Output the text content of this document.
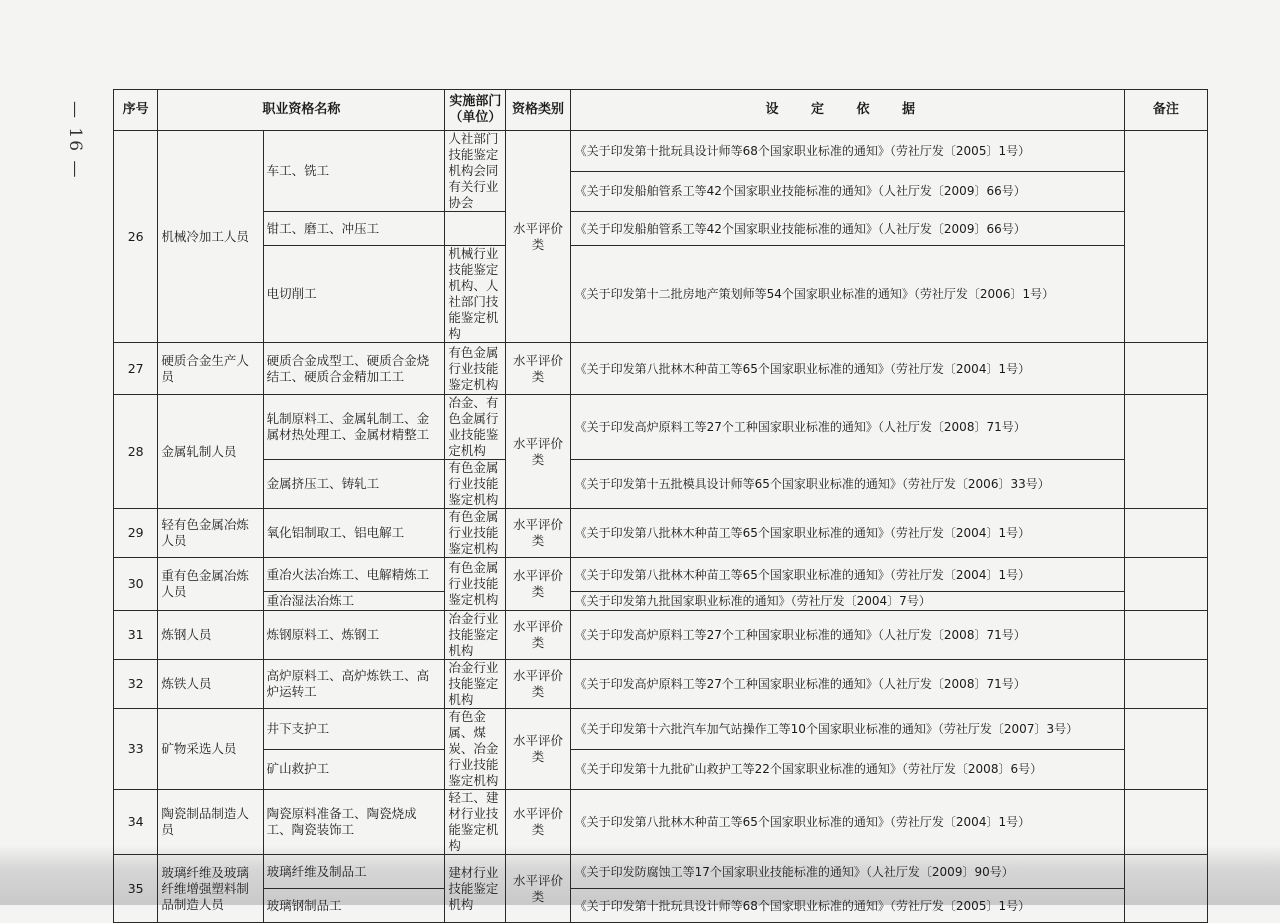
— 16 —	序号	职业资格名称		实施部门（单位）	资格类别	设 定 依 据	备注
26	机械冷加工人员	车工、铣工	人社部门技能鉴定机构会同有关行业协会	水平评价类	《关于印发第十批玩具设计师等68个国家职业标准的通知》（劳社厅发〔2005〕1号）	
					《关于印发船舶管系工等42个国家职业技能标准的通知》（人社厅发〔2009〕66号）	
		钳工、磨工、冲压工			《关于印发船舶管系工等42个国家职业技能标准的通知》（人社厅发〔2009〕66号）	
		电切削工	机械行业技能鉴定机构、人社部门技能鉴定机构		《关于印发第十二批房地产策划师等54个国家职业标准的通知》（劳社厅发〔2006〕1号）	
27	硬质合金生产人员	硬质合金成型工、硬质合金烧结工、硬质合金精加工工	有色金属行业技能鉴定机构	水平评价类	《关于印发第八批林木种苗工等65个国家职业标准的通知》（劳社厅发〔2004〕1号）	
28	金属轧制人员	轧制原料工、金属轧制工、金属材热处理工、金属材精整工	冶金、有色金属行业技能鉴定机构	水平评价类	《关于印发高炉原料工等27个工种国家职业标准的通知》（人社厅发〔2008〕71号）	
		金属挤压工、铸轧工	有色金属行业技能鉴定机构		《关于印发第十五批模具设计师等65个国家职业标准的通知》（劳社厅发〔2006〕33号）	
29	轻有色金属冶炼人员	氧化铝制取工、铝电解工	有色金属行业技能鉴定机构	水平评价类	《关于印发第八批林木种苗工等65个国家职业标准的通知》（劳社厅发〔2004〕1号）	
30	重有色金属冶炼人员	重冶火法冶炼工、电解精炼工	有色金属行业技能鉴定机构	水平评价类	《关于印发第八批林木种苗工等65个国家职业标准的通知》（劳社厅发〔2004〕1号）	
		重冶湿法冶炼工			《关于印发第九批国家职业标准的通知》（劳社厅发〔2004〕7号）	
31	炼钢人员	炼钢原料工、炼钢工	冶金行业技能鉴定机构	水平评价类	《关于印发高炉原料工等27个工种国家职业标准的通知》（人社厅发〔2008〕71号）	
32	炼铁人员	高炉原料工、高炉炼铁工、高炉运转工	冶金行业技能鉴定机构	水平评价类	《关于印发高炉原料工等27个工种国家职业标准的通知》（人社厅发〔2008〕71号）	
33	矿物采选人员	井下支护工	有色金属、煤炭、冶金行业技能鉴定机构	水平评价类	《关于印发第十六批汽车加气站操作工等10个国家职业标准的通知》（劳社厅发〔2007〕3号）	
		矿山救护工			《关于印发第十九批矿山救护工等22个国家职业标准的通知》（劳社厅发〔2008〕6号）	
34	陶瓷制品制造人员	陶瓷原料准备工、陶瓷烧成工、陶瓷装饰工	轻工、建材行业技能鉴定机构	水平评价类	《关于印发第八批林木种苗工等65个国家职业标准的通知》（劳社厅发〔2004〕1号）	
35	玻璃纤维及玻璃纤维增强塑料制品制造人员	玻璃纤维及制品工	建材行业技能鉴定机构	水平评价类	《关于印发防腐蚀工等17个国家职业技能标准的通知》（人社厅发〔2009〕90号）	
		玻璃钢制品工			《关于印发第十批玩具设计师等68个国家职业标准的通知》（劳社厅发〔2005〕1号）	
